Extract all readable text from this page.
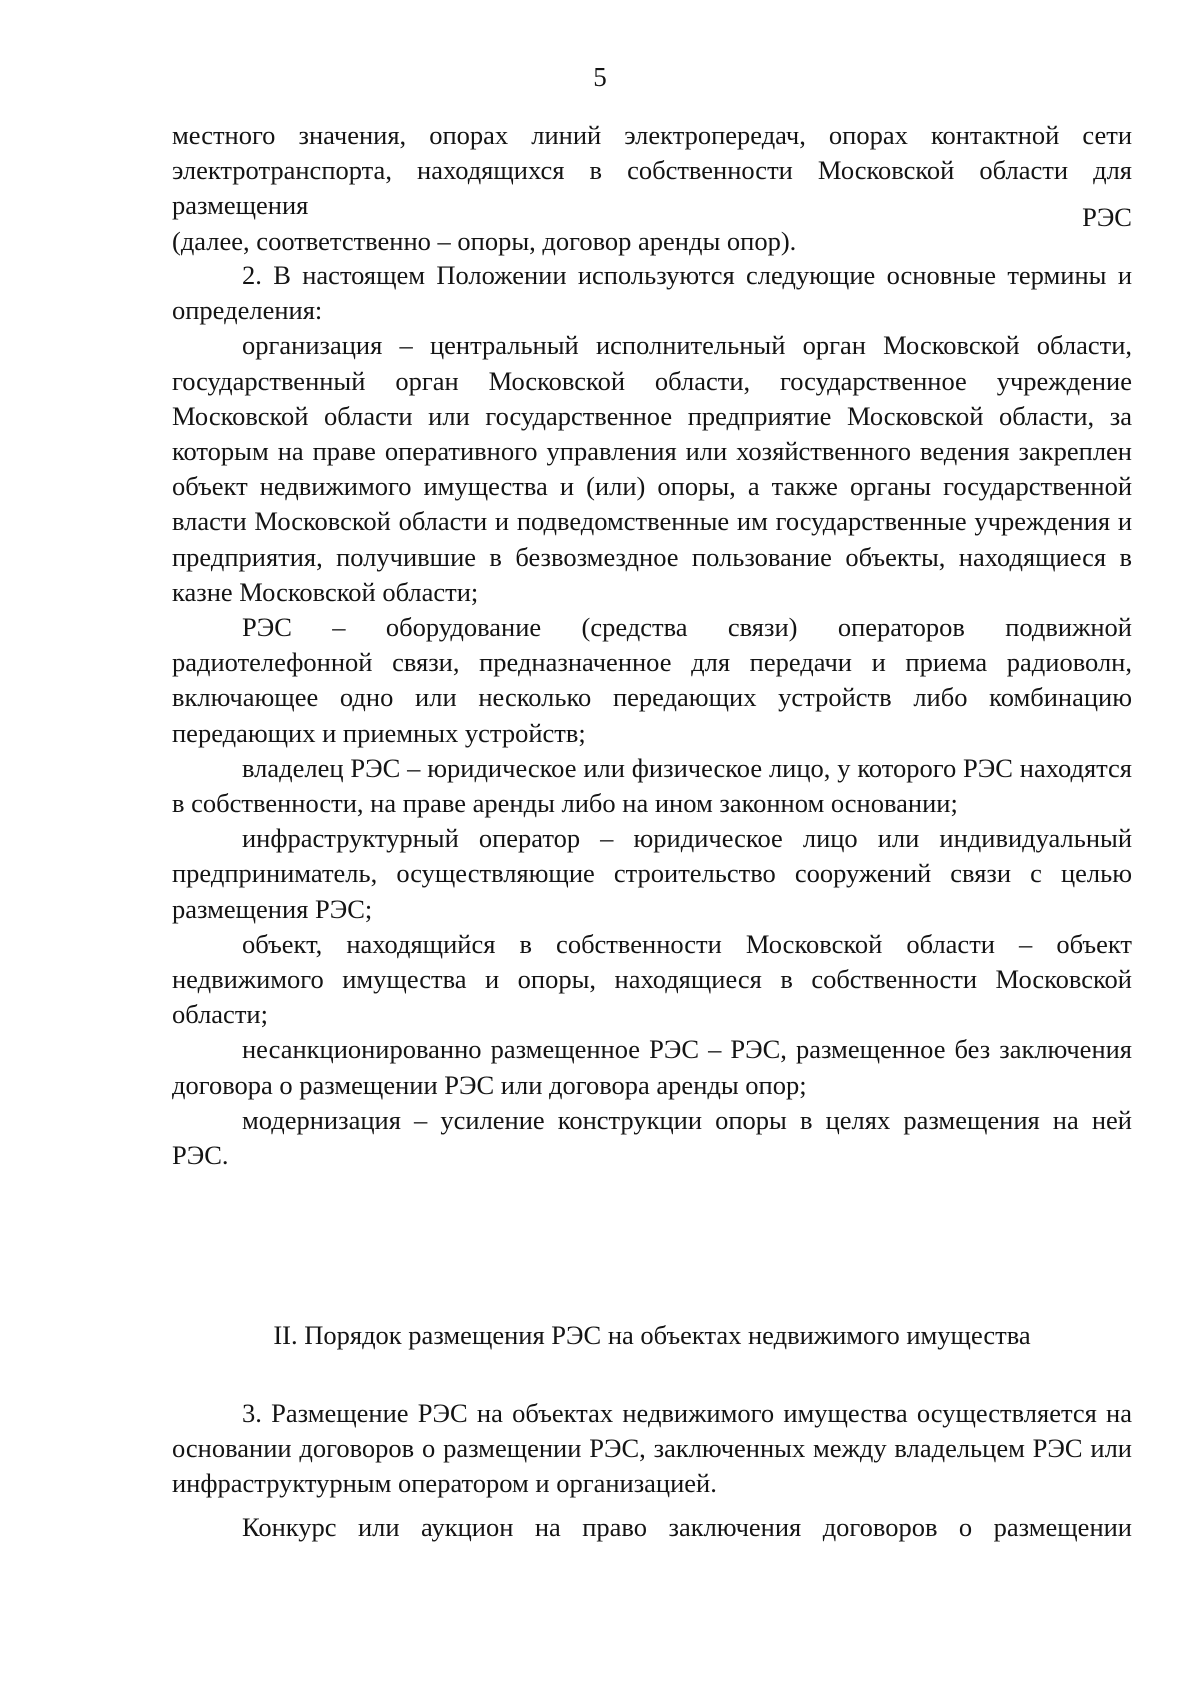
5

местного значения, опорах линий электропередач, опорах контактной сети

электротранспорта, находящихся в собственности Московской области для

размещения	РЭС

(далее, соответственно – опоры, договор аренды опор).

2. В настоящем Положении используются следующие основные термины и определения:

организация – центральный исполнительный орган Московской области, государственный орган Московской области, государственное учреждение Московской области или государственное предприятие Московской области, за которым на праве оперативного управления или хозяйственного ведения закреплен объект недвижимого имущества и (или) опоры, а также органы государственной власти Московской области и подведомственные им государственные учреждения и предприятия, получившие в безвозмездное пользование объекты, находящиеся в казне Московской области;

РЭС – оборудование (средства связи) операторов подвижной радиотелефонной связи, предназначенное для передачи и приема радиоволн, включающее одно или несколько передающих устройств либо комбинацию передающих и приемных устройств;

владелец РЭС – юридическое или физическое лицо, у которого РЭС находятся в собственности, на праве аренды либо на ином законном основании;

инфраструктурный оператор – юридическое лицо или индивидуальный предприниматель, осуществляющие строительство сооружений связи с целью размещения РЭС;

объект, находящийся в собственности Московской области – объект недвижимого имущества и опоры, находящиеся в собственности Московской области;

несанкционированно размещенное РЭС – РЭС, размещенное без заключения договора о размещении РЭС или договора аренды опор;

модернизация – усиление конструкции опоры в целях размещения на ней РЭС.

II. Порядок размещения РЭС на объектах недвижимого имущества

3. Размещение РЭС на объектах недвижимого имущества осуществляется на основании договоров о размещении РЭС, заключенных между владельцем РЭС или инфраструктурным оператором и организацией.

Конкурс или аукцион на право заключения договоров о размещении
